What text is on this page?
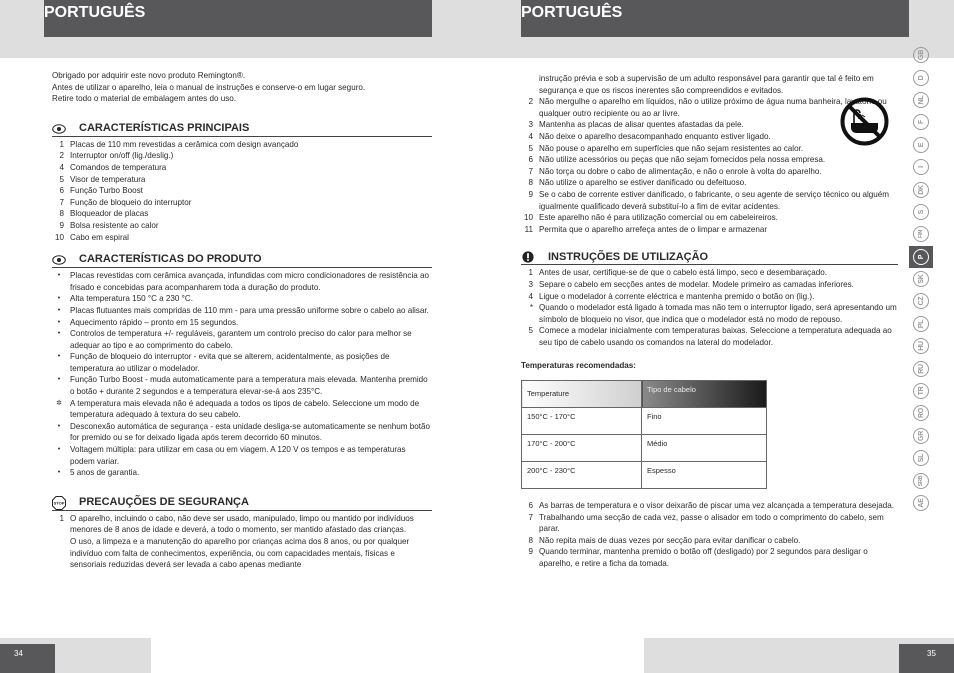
PORTUGUÊS	PORTUGUÊS

Obrigado por adquirir este novo produto Remington®.

Antes de utilizar o aparelho, leia o manual de instruções e conserve-o em lugar seguro.

Retire todo o material de embalagem antes do uso.

CARACTERÍSTICAS PRINCIPAIS
1 Placas de 110 mm revestidas a cerâmica com design avançado
2 Interruptor on/off (lig./deslig.)
4 Comandos de temperatura
5 Visor de temperatura
6 Função Turbo Boost
7 Função de bloqueio do interruptor
8 Bloqueador de placas
9 Bolsa resistente ao calor
10 Cabo em espiral
CARACTERÍSTICAS DO PRODUTO
•	Placas revestidas com cerâmica avançada, infundidas com micro condicionadores de resistência ao frisado e concebidas para acompanharem toda a duração do produto.
•	Alta temperatura 150 °C a 230 °C.
•	Placas flutuantes mais compridas de 110 mm - para uma pressão uniforme sobre o cabelo ao alisar.
•	Aquecimento rápido – pronto em 15 segundos.
•	Controlos de temperatura +/- reguláveis, garantem um controlo preciso do calor para melhor se adequar ao tipo e ao comprimento do cabelo.
•	Função de bloqueio do interruptor - evita que se alterem, acidentalmente, as posições de temperatura ao utilizar o modelador.
•	Função Turbo Boost - muda automaticamente para a temperatura mais elevada. Mantenha premido o botão + durante 2 segundos e a temperatura elevar-se-á aos 235°C.
✲ A temperatura mais elevada não é adequada a todos os tipos de cabelo. Seleccione um modo de temperatura adequado à textura do seu cabelo.
•	Desconexão automática de segurança - esta unidade desliga-se automaticamente se nenhum botão for premido ou se for deixado ligada após terem decorrido 60 minutos.
•	Voltagem múltipla: para utilizar em casa ou em viagem. A 120 V os tempos e as temperaturas podem variar.
•	5 anos de garantia.
STOP PRECAUÇÕES DE SEGURANÇA
1 O aparelho, incluindo o cabo, não deve ser usado, manipulado, limpo ou mantido por indivíduos menores de 8 anos de idade e deverá, a todo o momento, ser mantido afastado das crianças.
O uso, a limpeza e a manutenção do aparelho por crianças acima dos 8 anos, ou por qualquer indivíduo com falta de conhecimentos, experiência, ou com capacidades mentais, físicas e sensoriais reduzidas deverá ser levada a cabo apenas mediante
instrução prévia e sob a supervisão de um adulto responsável para garantir que tal é feito em segurança e que os riscos inerentes são compreendidos e evitados.
2 Não mergulhe o aparelho em líquidos, não o utilize próximo de água numa banheira, lavatório ou qualquer outro recipiente ou ao ar livre.
3 Mantenha as placas de alisar quentes afastadas da pele.
4 Não deixe o aparelho desacompanhado enquanto estiver ligado.
5 Não pouse o aparelho em superfícies que não sejam resistentes ao calor.
6 Não utilize acessórios ou peças que não sejam fornecidos pela nossa empresa.
7 Não torça ou dobre o cabo de alimentação, e não o enrole à volta do aparelho.
8 Não utilize o aparelho se estiver danificado ou defeituoso.
9 Se o cabo de corrente estiver danificado, o fabricante, o seu agente de serviço técnico ou alguém igualmente qualificado deverá substituí-lo a fim de evitar acidentes.
10 Este aparelho não é para utilização comercial ou em cabeleireiros.
11 Permita que o aparelho arrefeça antes de o limpar e armazenar
INSTRUÇÕES DE UTILIZAÇÃO
1 Antes de usar, certifique-se de que o cabelo está limpo, seco e desembaraçado.
3 Separe o cabelo em secções antes de modelar. Modele primeiro as camadas inferiores.
4 Ligue o modelador à corrente eléctrica e mantenha premido o botão on (lig.).
* Quando o modelador está ligado à tomada mas não tem o interruptor ligado, será apresentando um símbolo de bloqueio no visor, que indica que o modelador está no modo de repouso.
5 Comece a modelar inicialmente com temperaturas baixas. Seleccione a temperatura adequada ao seu tipo de cabelo usando os comandos na lateral do modelador.
Temperaturas recomendadas:
Temperature	Tipo de cabelo
150°C - 170°C	Fino
170°C - 200°C	Médio
200°C - 230°C	Espesso
6 As barras de temperatura e o visor deixarão de piscar uma vez alcançada a temperatura desejada.
7 Trabalhando uma secção de cada vez, passe o alisador em todo o comprimento do cabelo, sem parar.
8 Não repita mais de duas vezes por secção para evitar danificar o cabelo.
9 Quando terminar, mantenha premido o botão off (desligado) por 2 segundos para desligar o aparelho, e retire a ficha da tomada.
GB
D
NL
F
E
I
DK
S
FIN
P
SK
CZ
PL
HU
RU
TR
RO
GR
SL
SRB
AE
34	35
